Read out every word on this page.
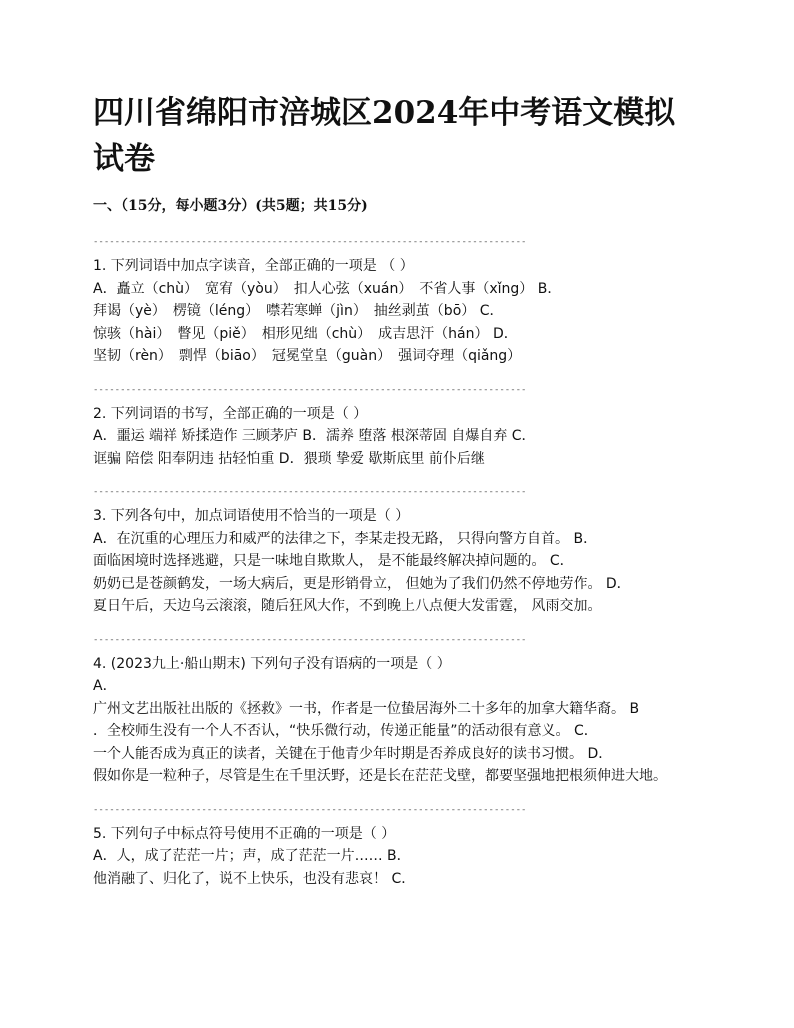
四川省绵阳市涪城区2024年中考语文模拟试卷
一、（15分，每小题3分）(共5题；共15分)
--------------------------------------------------------------------------------
1. 下列词语中加点字读音，全部正确的一项是 （ ）
A．矗立（chù）　宽宥（yòu）　扣人心弦（xuán）　不省人事（xǐng） B．
拜谒（yè）　楞镜（léng）　噤若寒蝉（jìn）　抽丝剥茧（bō） C．
惊骇（hài）　瞥见（piě）　相形见绌（chù）　成吉思汗（hán） D．
坚韧（rèn）　剽悍（biāo）　冠冕堂皇（guàn）　强词夺理（qiǎng）
--------------------------------------------------------------------------------
2. 下列词语的书写，全部正确的一项是（ ）
A．噩运 端祥 矫揉造作 三顾茅庐 B．濡养 堕落 根深蒂固 自爆自弃 C．
诓骗 陪偿 阳奉阴违 拈轻怕重 D．猥琐 挚爱 歇斯底里 前仆后继
--------------------------------------------------------------------------------
3. 下列各句中，加点词语使用不恰当的一项是（ ）
A．在沉重的心理压力和威严的法律之下，李某走投无路， 只得向警方自首。 B．
面临困境时选择逃避，只是一味地自欺欺人， 是不能最终解决掉问题的。 C．
奶奶已是苍颜鹤发，一场大病后，更是形销骨立， 但她为了我们仍然不停地劳作。 D．
夏日午后，天边乌云滚滚，随后狂风大作，不到晚上八点便大发雷霆， 风雨交加。
--------------------------------------------------------------------------------
4. (2023九上·船山期末) 下列句子没有语病的一项是（ ）
A．
广州文艺出版社出版的《拯救》一书，作者是一位蛰居海外二十多年的加拿大籍华裔。 B
．全校师生没有一个人不否认，“快乐微行动，传递正能量”的活动很有意义。 C．
一个人能否成为真正的读者，关键在于他青少年时期是否养成良好的读书习惯。 D．
假如你是一粒种子，尽管是生在千里沃野，还是长在茫茫戈壁，都要坚强地把根须伸进大地。
--------------------------------------------------------------------------------
5. 下列句子中标点符号使用不正确的一项是（ ）
A．人，成了茫茫一片；声，成了茫茫一片…… B．
他消融了、归化了，说不上快乐，也没有悲哀！ C．
